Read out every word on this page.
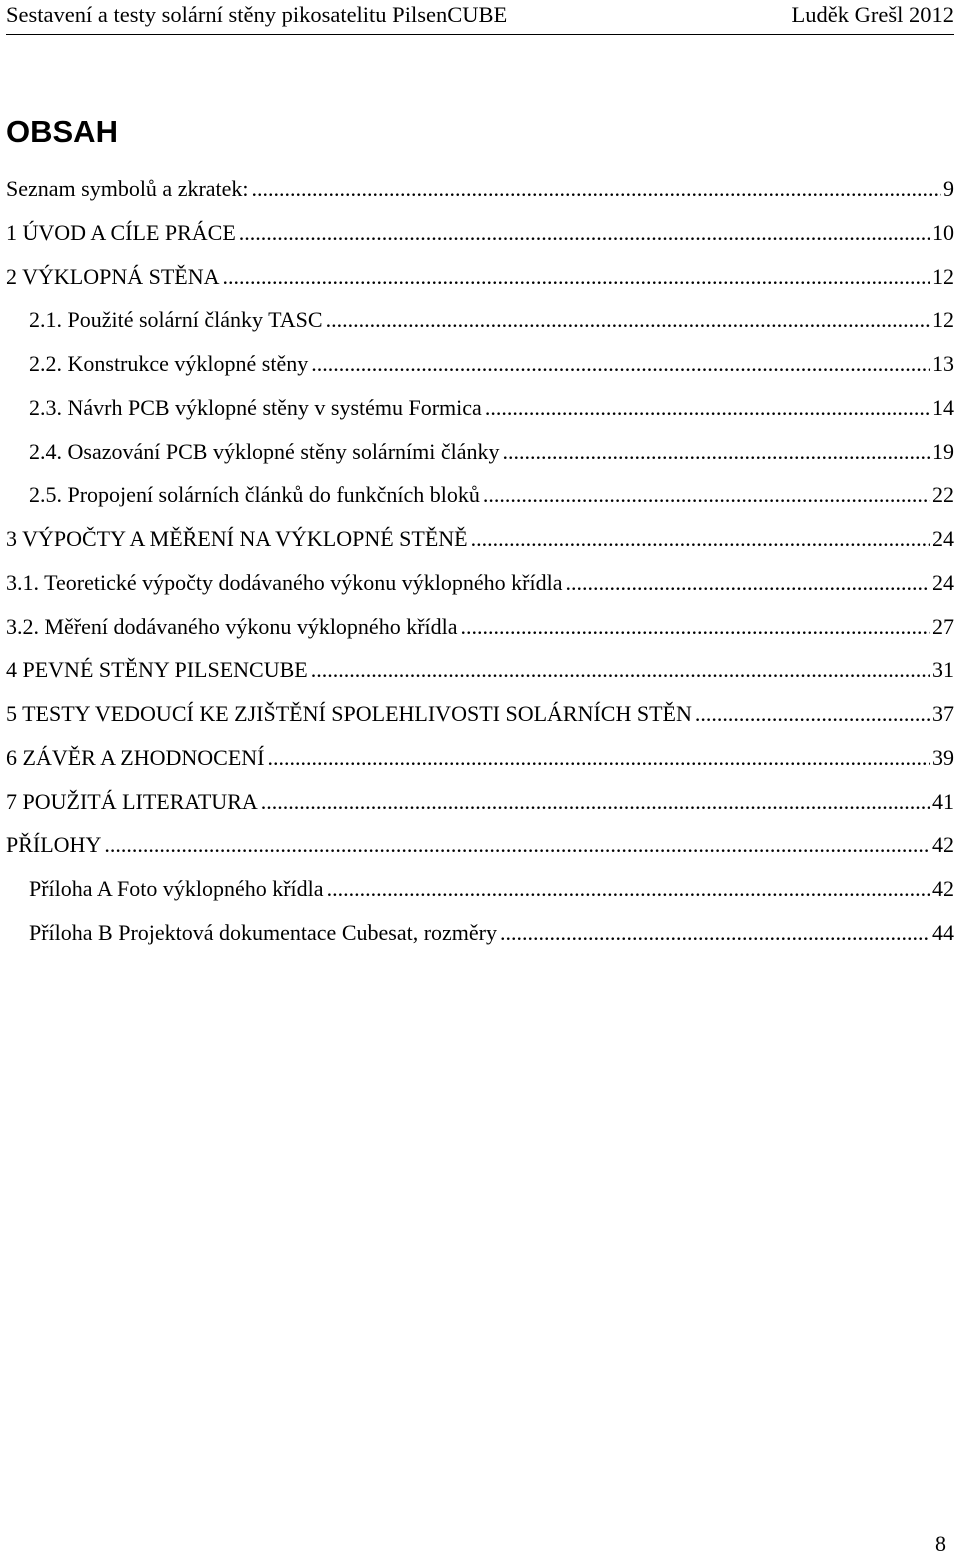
Sestavení a testy solární stěny pikosatelitu PilsenCUBE	Luděk Grešl 2012
OBSAH
Seznam symbolů a zkratek: .....	9
1 ÚVOD A CÍLE PRÁCE .....	10
2 VÝKLOPNÁ STĚNA .....	12
2.1. Použité solární články TASC .....	12
2.2. Konstrukce výklopné stěny .....	13
2.3. Návrh PCB výklopné stěny v systému Formica .....	14
2.4. Osazování PCB výklopné stěny solárními články .....	19
2.5. Propojení solárních článků do funkčních bloků .....	22
3 VÝPOČTY A MĚŘENÍ NA VÝKLOPNÉ STĚNĚ .....	24
3.1. Teoretické výpočty dodávaného výkonu výklopného křídla .....	24
3.2. Měření dodávaného výkonu výklopného křídla .....	27
4 PEVNÉ STĚNY PILSENCUBE .....	31
5 TESTY VEDOUCÍ KE ZJIŠTĚNÍ SPOLEHLIVOSTI SOLÁRNÍCH STĚN .....	37
6 ZÁVĚR A ZHODNOCENÍ .....	39
7 POUŽITÁ LITERATURA .....	41
PŘÍLOHY .....	42
Příloha A Foto výklopného křídla .....	42
Příloha B Projektová dokumentace Cubesat, rozměry .....	44
8
